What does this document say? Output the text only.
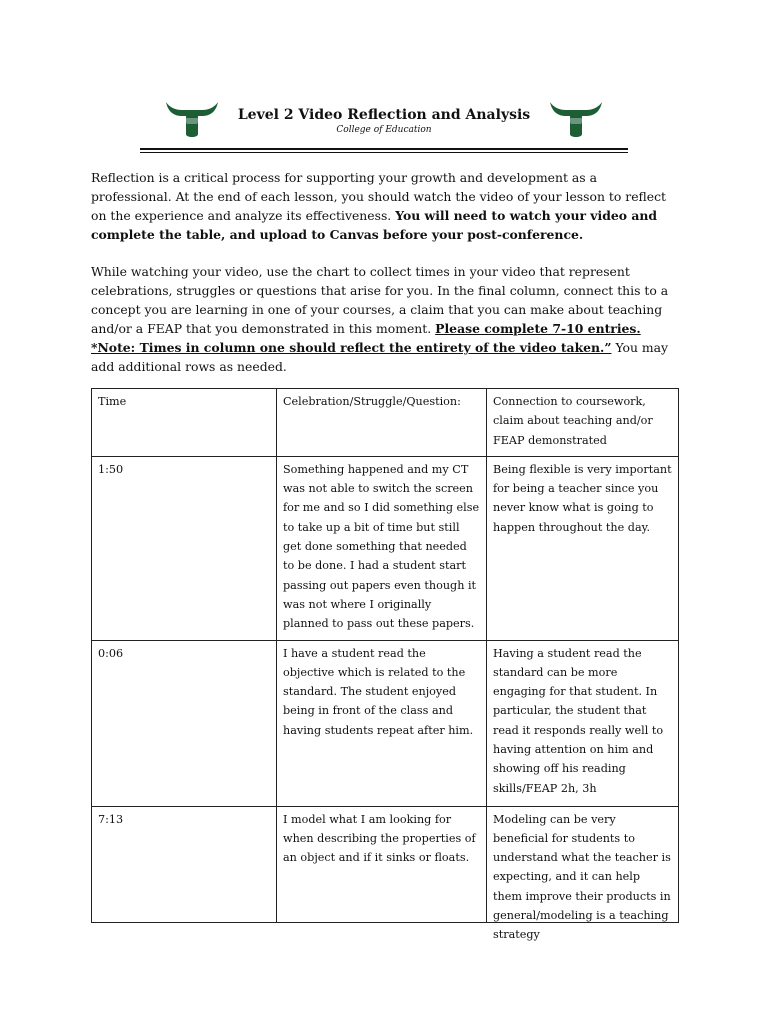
Level 2 Video Reflection and Analysis
College of Education
Reflection is a critical process for supporting your growth and development as a professional. At the end of each lesson, you should watch the video of your lesson to reflect on the experience and analyze its effectiveness. You will need to watch your video and complete the table, and upload to Canvas before your post-conference.
While watching your video, use the chart to collect times in your video that represent celebrations, struggles or questions that arise for you. In the final column, connect this to a concept you are learning in one of your courses, a claim that you can make about teaching and/or a FEAP that you demonstrated in this moment. Please complete 7-10 entries.
*Note: Times in column one should reflect the entirety of the video taken.” You may add additional rows as needed.
Time	Celebration/Struggle/Question:	Connection to coursework, claim about teaching and/or FEAP demonstrated
1:50	Something happened and my CT was not able to switch the screen for me and so I did something else to take up a bit of time but still get done something that needed to be done. I had a student start passing out papers even though it was not where I originally planned to pass out these papers.	Being flexible is very important for being a teacher since you never know what is going to happen throughout the day.
0:06	I have a student read the objective which is related to the standard. The student enjoyed being in front of the class and having students repeat after him.	Having a student read the standard can be more engaging for that student. In particular, the student that read it responds really well to having attention on him and showing off his reading skills/FEAP 2h, 3h
7:13	I model what I am looking for when describing the properties of an object and if it sinks or floats.	Modeling can be very beneficial for students to understand what the teacher is expecting, and it can help them improve their products in general/modeling is a teaching strategy
